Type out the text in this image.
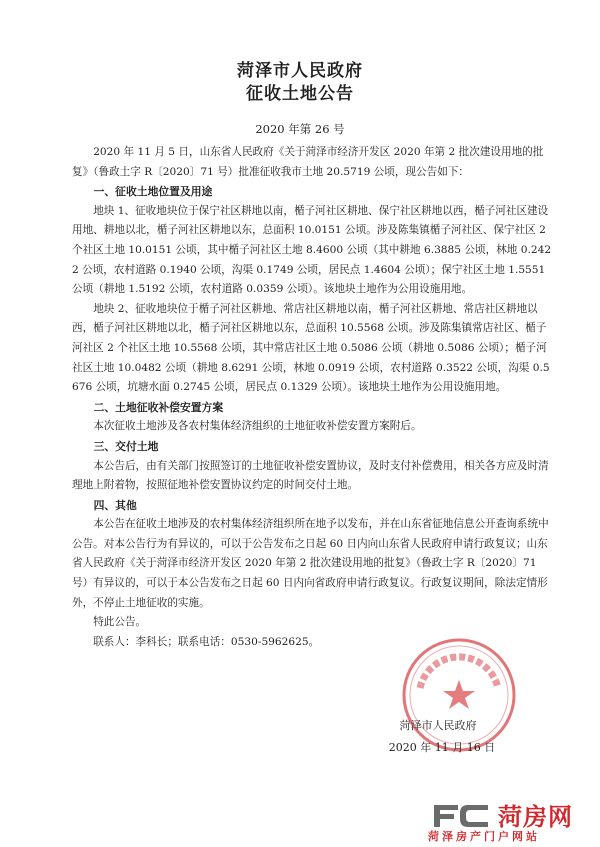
菏泽市人民政府
征收土地公告
2020 年第 26 号

2020 年 11 月 5 日，山东省人民政府《关于菏泽市经济开发区 2020 年第 2 批次建设用地的批复》（鲁政土字 R〔2020〕71 号）批准征收我市土地 20.5719 公顷，现公告如下：

一、征收土地位置及用途

地块 1、征收地块位于保宁社区耕地以南，楯子河社区耕地、保宁社区耕地以西，楯子河社区建设用地、耕地以北，楯子河社区耕地以东，总面积 10.0151 公顷。涉及陈集镇楯子河社区、保宁社区 2 个社区土地 10.0151 公顷，其中楯子河社区土地 8.4600 公顷（其中耕地 6.3885 公顷，林地 0.2422 公顷，农村道路 0.1940 公顷，沟渠 0.1749 公顷，居民点 1.4604 公顷）；保宁社区土地 1.5551 公顷（耕地 1.5192 公顷，农村道路 0.0359 公顷）。该地块土地作为公用设施用地。

地块 2、征收地块位于楯子河社区耕地、常店社区耕地以南，楯子河社区耕地、常店社区耕地以西，楯子河社区耕地以北，楯子河社区耕地以东，总面积 10.5568 公顷。涉及陈集镇常店社区、楯子河社区 2 个社区土地 10.5568 公顷，其中常店社区土地 0.5086 公顷（耕地 0.5086 公顷）；楯子河社区土地 10.0482 公顷（耕地 8.6291 公顷，林地 0.0919 公顷，农村道路 0.3522 公顷，沟渠 0.5676 公顷，坑塘水面 0.2745 公顷，居民点 0.1329 公顷）。该地块土地作为公用设施用地。

二、土地征收补偿安置方案

本次征收土地涉及各农村集体经济组织的土地征收补偿安置方案附后。

三、交付土地

本公告后，由有关部门按照签订的土地征收补偿安置协议，及时支付补偿费用，相关各方应及时清理地上附着物，按照征地补偿安置协议约定的时间交付土地。

四、其他

本公告在征收土地涉及的农村集体经济组织所在地予以发布，并在山东省征地信息公开查询系统中公告。对本公告行为有异议的，可以于公告发布之日起 60 日内向山东省人民政府申请行政复议；山东省人民政府《关于菏泽市经济开发区 2020 年第 2 批次建设用地的批复》（鲁政土字 R〔2020〕71 号）有异议的，可以于本公告发布之日起 60 日内向省政府申请行政复议。行政复议期间，除法定情形外，不停止土地征收的实施。

特此公告。

联系人：李科长；联系电话：0530-5962625。

菏泽市人民政府
2020 年 11 月 16 日
菏房网
菏泽房产门户网站
